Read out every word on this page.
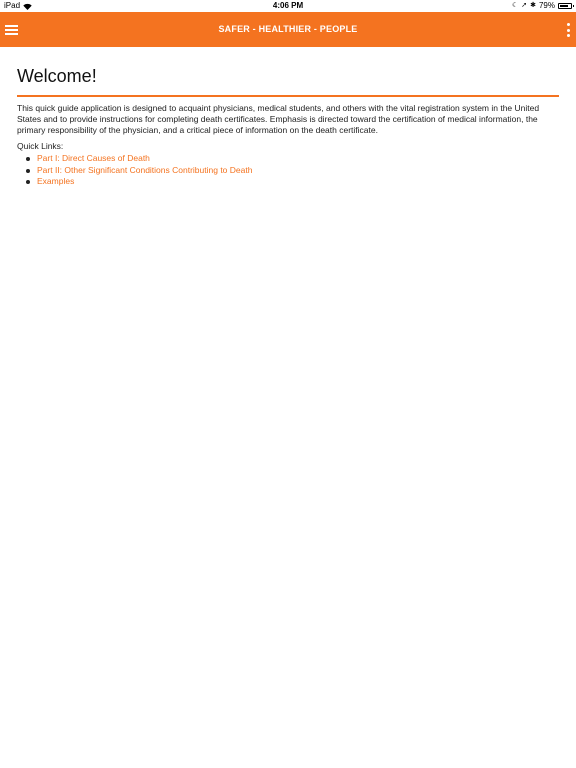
iPad	4:06 PM	☾ ➚ ✱ 79%
SAFER - HEALTHIER - PEOPLE
Welcome!

This quick guide application is designed to acquaint physicians, medical students, and others with the vital registration system in the United States and to provide instructions for completing death certificates. Emphasis is directed toward the certification of medical information, the primary responsibility of the physician, and a critical piece of information on the death certificate.

Quick Links:

Part I: Direct Causes of Death
Part II: Other Significant Conditions Contributing to Death
Examples
